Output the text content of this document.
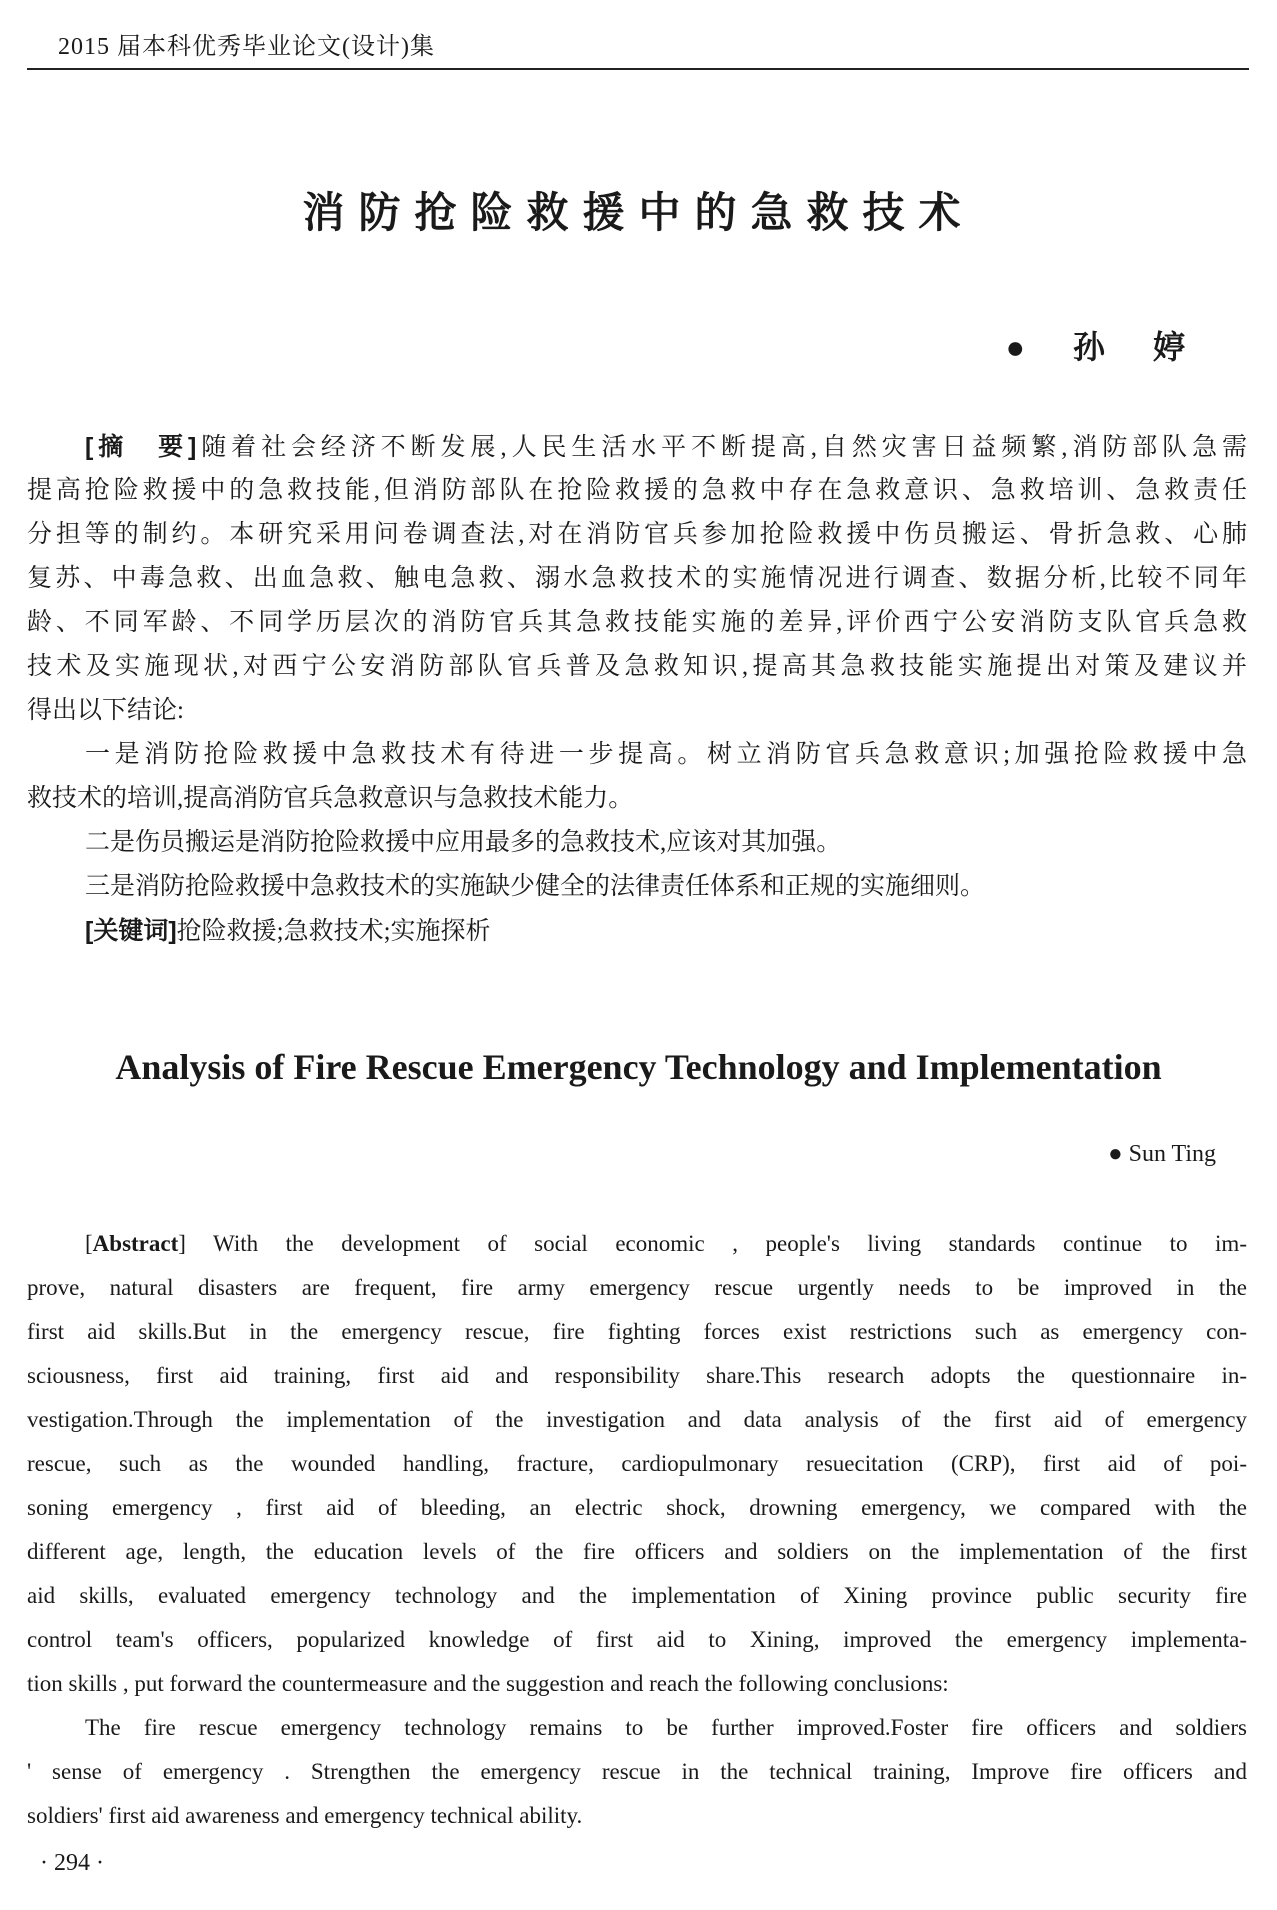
2015 届本科优秀毕业论文(设计)集
消防抢险救援中的急救技术
● 孙 婷
[摘　要]随着社会经济不断发展,人民生活水平不断提高,自然灾害日益频繁,消防部队急需
提高抢险救援中的急救技能,但消防部队在抢险救援的急救中存在急救意识、急救培训、急救责任
分担等的制约。本研究采用问卷调查法,对在消防官兵参加抢险救援中伤员搬运、骨折急救、心肺
复苏、中毒急救、出血急救、触电急救、溺水急救技术的实施情况进行调查、数据分析,比较不同年
龄、不同军龄、不同学历层次的消防官兵其急救技能实施的差异,评价西宁公安消防支队官兵急救
技术及实施现状,对西宁公安消防部队官兵普及急救知识,提高其急救技能实施提出对策及建议并
得出以下结论:
一是消防抢险救援中急救技术有待进一步提高。树立消防官兵急救意识;加强抢险救援中急
救技术的培训,提高消防官兵急救意识与急救技术能力。
二是伤员搬运是消防抢险救援中应用最多的急救技术,应该对其加强。
三是消防抢险救援中急救技术的实施缺少健全的法律责任体系和正规的实施细则。
[关键词]抢险救援;急救技术;实施探析
Analysis of Fire Rescue Emergency Technology and Implementation
● Sun Ting
[Abstract] With the development of social economic , people's living standards continue to im-
prove, natural disasters are frequent, fire army emergency rescue urgently needs to be improved in the
first aid skills.But in the emergency rescue, fire fighting forces exist restrictions such as emergency con-
sciousness, first aid training, first aid and responsibility share.This research adopts the questionnaire in-
vestigation.Through the implementation of the investigation and data analysis of the first aid of emergency
rescue, such as the wounded handling, fracture, cardiopulmonary resuecitation (CRP), first aid of poi-
soning emergency , first aid of bleeding, an electric shock, drowning emergency, we compared with the
different age, length, the education levels of the fire officers and soldiers on the implementation of the first
aid skills, evaluated emergency technology and the implementation of Xining province public security fire
control team's officers, popularized knowledge of first aid to Xining, improved the emergency implementa-
tion skills , put forward the countermeasure and the suggestion and reach the following conclusions:
The fire rescue emergency technology remains to be further improved.Foster fire officers and soldiers
' sense of emergency . Strengthen the emergency rescue in the technical training, Improve fire officers and
soldiers' first aid awareness and emergency technical ability.
· 294 ·
